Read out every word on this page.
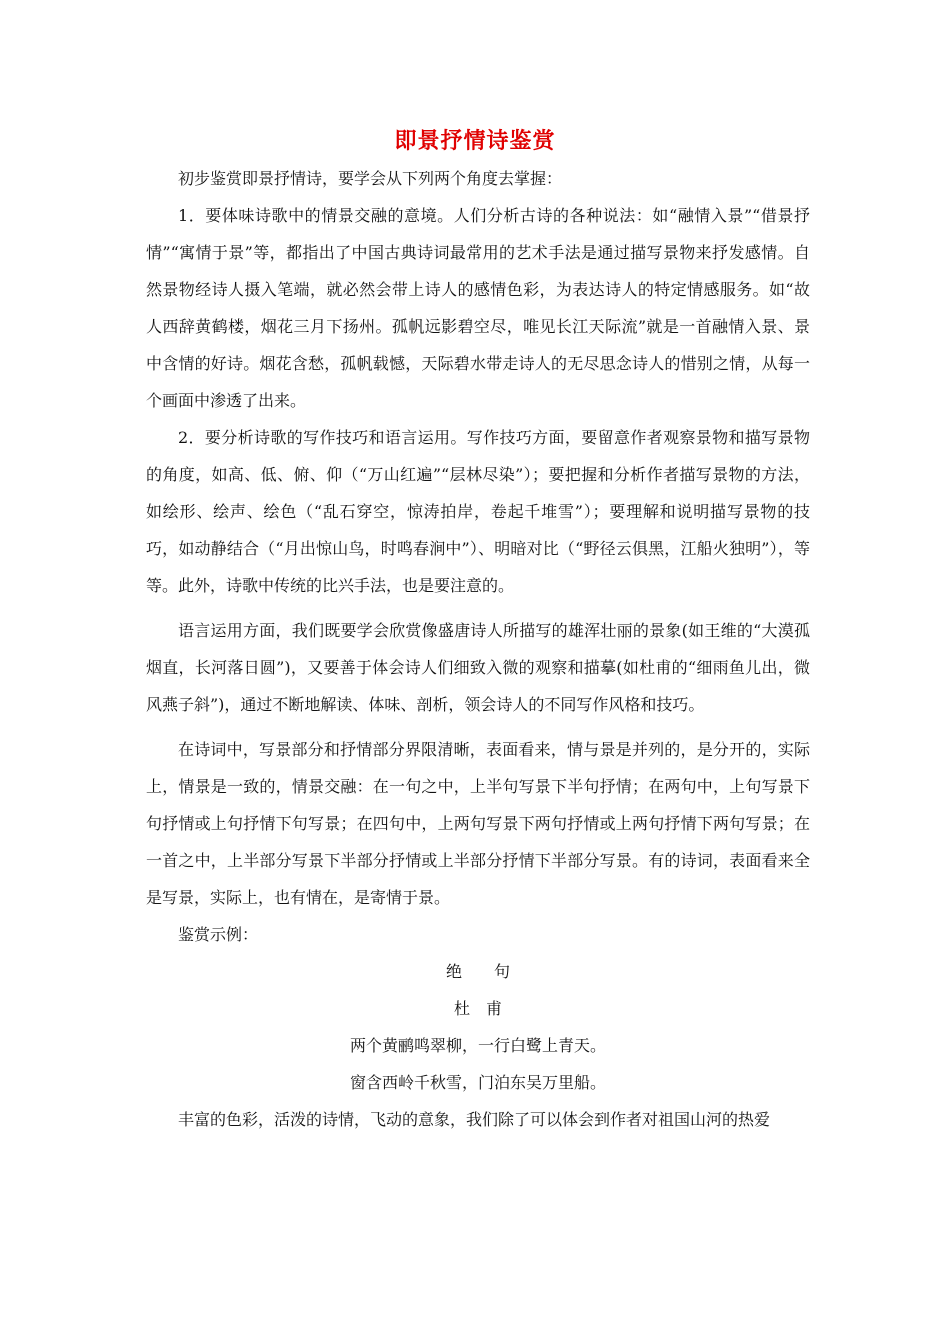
即景抒情诗鉴赏

初步鉴赏即景抒情诗，要学会从下列两个角度去掌握：

1．要体味诗歌中的情景交融的意境。人们分析古诗的各种说法：如“融情入景”“借景抒情”“寓情于景”等，都指出了中国古典诗词最常用的艺术手法是通过描写景物来抒发感情。自然景物经诗人摄入笔端，就必然会带上诗人的感情色彩，为表达诗人的特定情感服务。如“故人西辞黄鹤楼，烟花三月下扬州。孤帆远影碧空尽，唯见长江天际流”就是一首融情入景、景中含情的好诗。烟花含愁，孤帆载憾，天际碧水带走诗人的无尽思念诗人的惜别之情，从每一个画面中渗透了出来。

2．要分析诗歌的写作技巧和语言运用。写作技巧方面，要留意作者观察景物和描写景物的角度，如高、低、俯、仰（“万山红遍”“层林尽染”）；要把握和分析作者描写景物的方法，如绘形、绘声、绘色（“乱石穿空，惊涛拍岸，卷起千堆雪”）；要理解和说明描写景物的技巧，如动静结合（“月出惊山鸟，时鸣春涧中”）、明暗对比（“野径云俱黑，江船火独明”），等等。此外，诗歌中传统的比兴手法，也是要注意的。

语言运用方面，我们既要学会欣赏像盛唐诗人所描写的雄浑壮丽的景象(如王维的“大漠孤烟直，长河落日圆”)，又要善于体会诗人们细致入微的观察和描摹(如杜甫的“细雨鱼儿出，微风燕子斜”)，通过不断地解读、体味、剖析，领会诗人的不同写作风格和技巧。

在诗词中，写景部分和抒情部分界限清晰，表面看来，情与景是并列的，是分开的，实际上，情景是一致的，情景交融：在一句之中，上半句写景下半句抒情；在两句中，上句写景下句抒情或上句抒情下句写景；在四句中，上两句写景下两句抒情或上两句抒情下两句写景；在一首之中，上半部分写景下半部分抒情或上半部分抒情下半部分写景。有的诗词，表面看来全是写景，实际上，也有情在，是寄情于景。

鉴赏示例：

绝　　句

杜　甫

两个黄鹂鸣翠柳，一行白鹭上青天。

窗含西岭千秋雪，门泊东吴万里船。

丰富的色彩，活泼的诗情，飞动的意象，我们除了可以体会到作者对祖国山河的热爱
